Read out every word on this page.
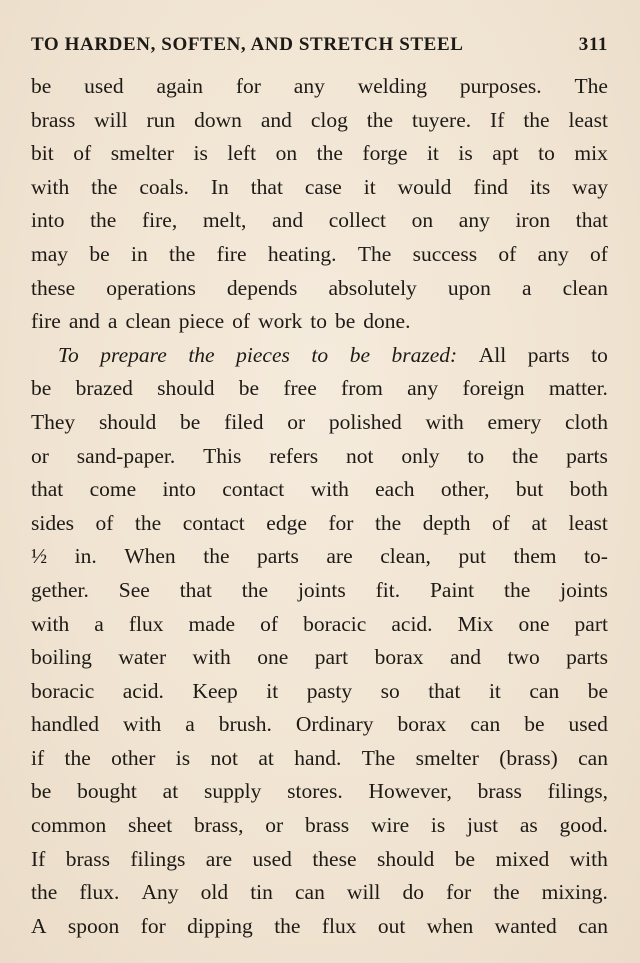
TO HARDEN, SOFTEN, AND STRETCH STEEL	311
be used again for any welding purposes. The
brass will run down and clog the tuyere. If the least
bit of smelter is left on the forge it is apt to mix
with the coals. In that case it would find its way
into the fire, melt, and collect on any iron that
may be in the fire heating. The success of any of
these operations depends absolutely upon a clean
fire and a clean piece of work to be done.
To prepare the pieces to be brazed: All parts to
be brazed should be free from any foreign matter.
They should be filed or polished with emery cloth
or sand-paper. This refers not only to the parts
that come into contact with each other, but both
sides of the contact edge for the depth of at least
½ in. When the parts are clean, put them to-
gether. See that the joints fit. Paint the joints
with a flux made of boracic acid. Mix one part
boiling water with one part borax and two parts
boracic acid. Keep it pasty so that it can be
handled with a brush. Ordinary borax can be used
if the other is not at hand. The smelter (brass) can
be bought at supply stores. However, brass filings,
common sheet brass, or brass wire is just as good.
If brass filings are used these should be mixed with
the flux. Any old tin can will do for the mixing.
A spoon for dipping the flux out when wanted can
